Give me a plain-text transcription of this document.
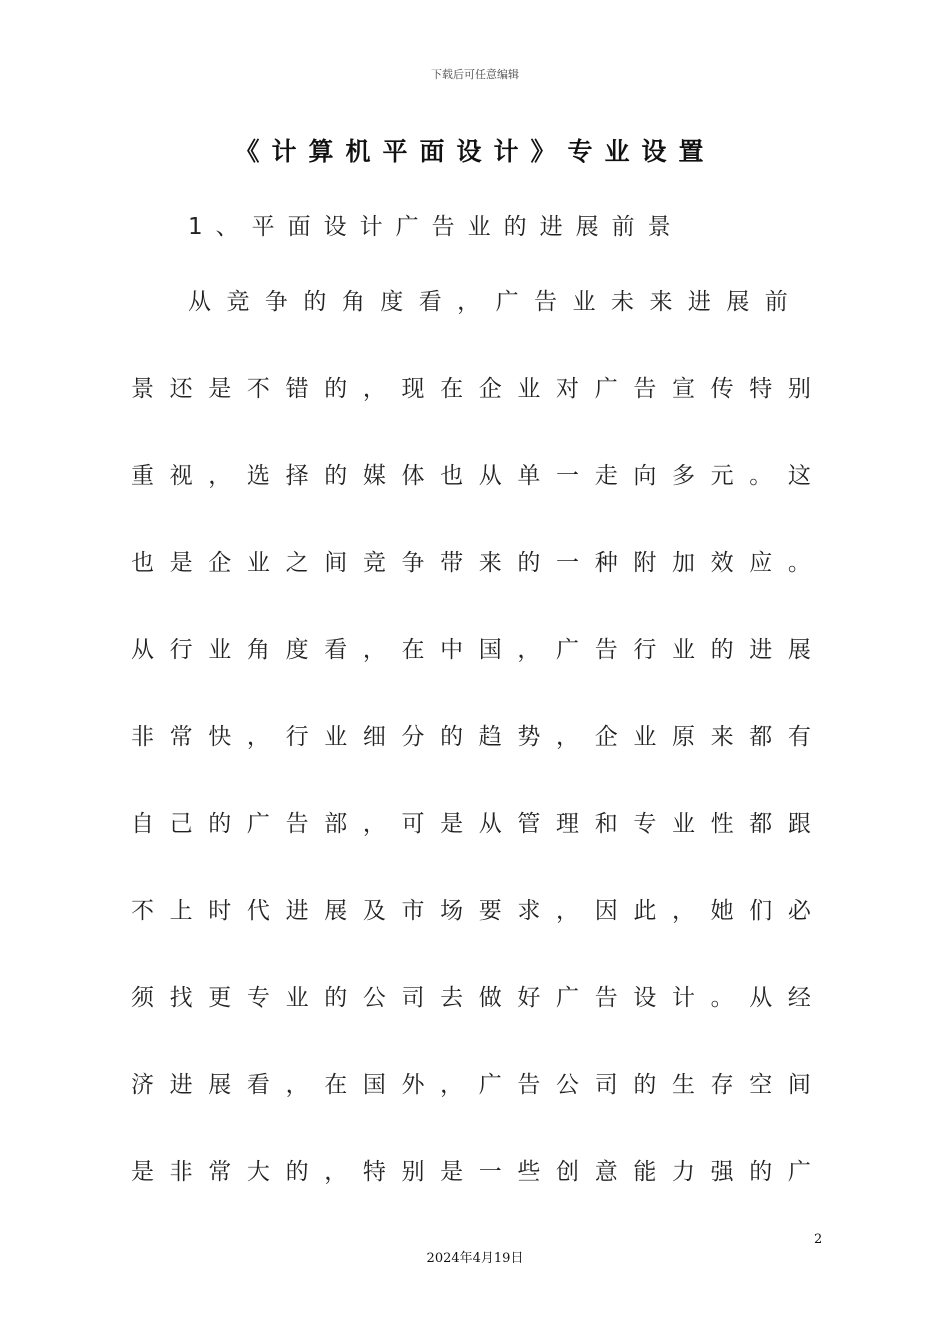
下载后可任意编辑
《计算机平面设计》专业设置
1、平面设计广告业的进展前景
从 竞 争 的 角 度 看 ， 广 告 业 未 来 进 展 前
景 还 是 不 错 的 ， 现 在 企 业 对 广 告 宣 传 特 别
重 视 ， 选 择 的 媒 体 也 从 单 一 走 向 多 元 。 这
也 是 企 业 之 间 竞 争 带 来 的 一 种 附 加 效 应 。
从 行 业 角 度 看 ， 在 中 国 ， 广 告 行 业 的 进 展
非 常 快 ， 行 业 细 分 的 趋 势 ， 企 业 原 来 都 有
自 己 的 广 告 部 ， 可 是 从 管 理 和 专 业 性 都 跟
不 上 时 代 进 展 及 市 场 要 求 ， 因 此 ， 她 们 必
须 找 更 专 业 的 公 司 去 做 好 广 告 设 计 。 从 经
济 进 展 看 ， 在 国 外 ， 广 告 公 司 的 生 存 空 间
是 非 常 大 的 ， 特 别 是 一 些 创 意 能 力 强 的 广
2
2024年4月19日
